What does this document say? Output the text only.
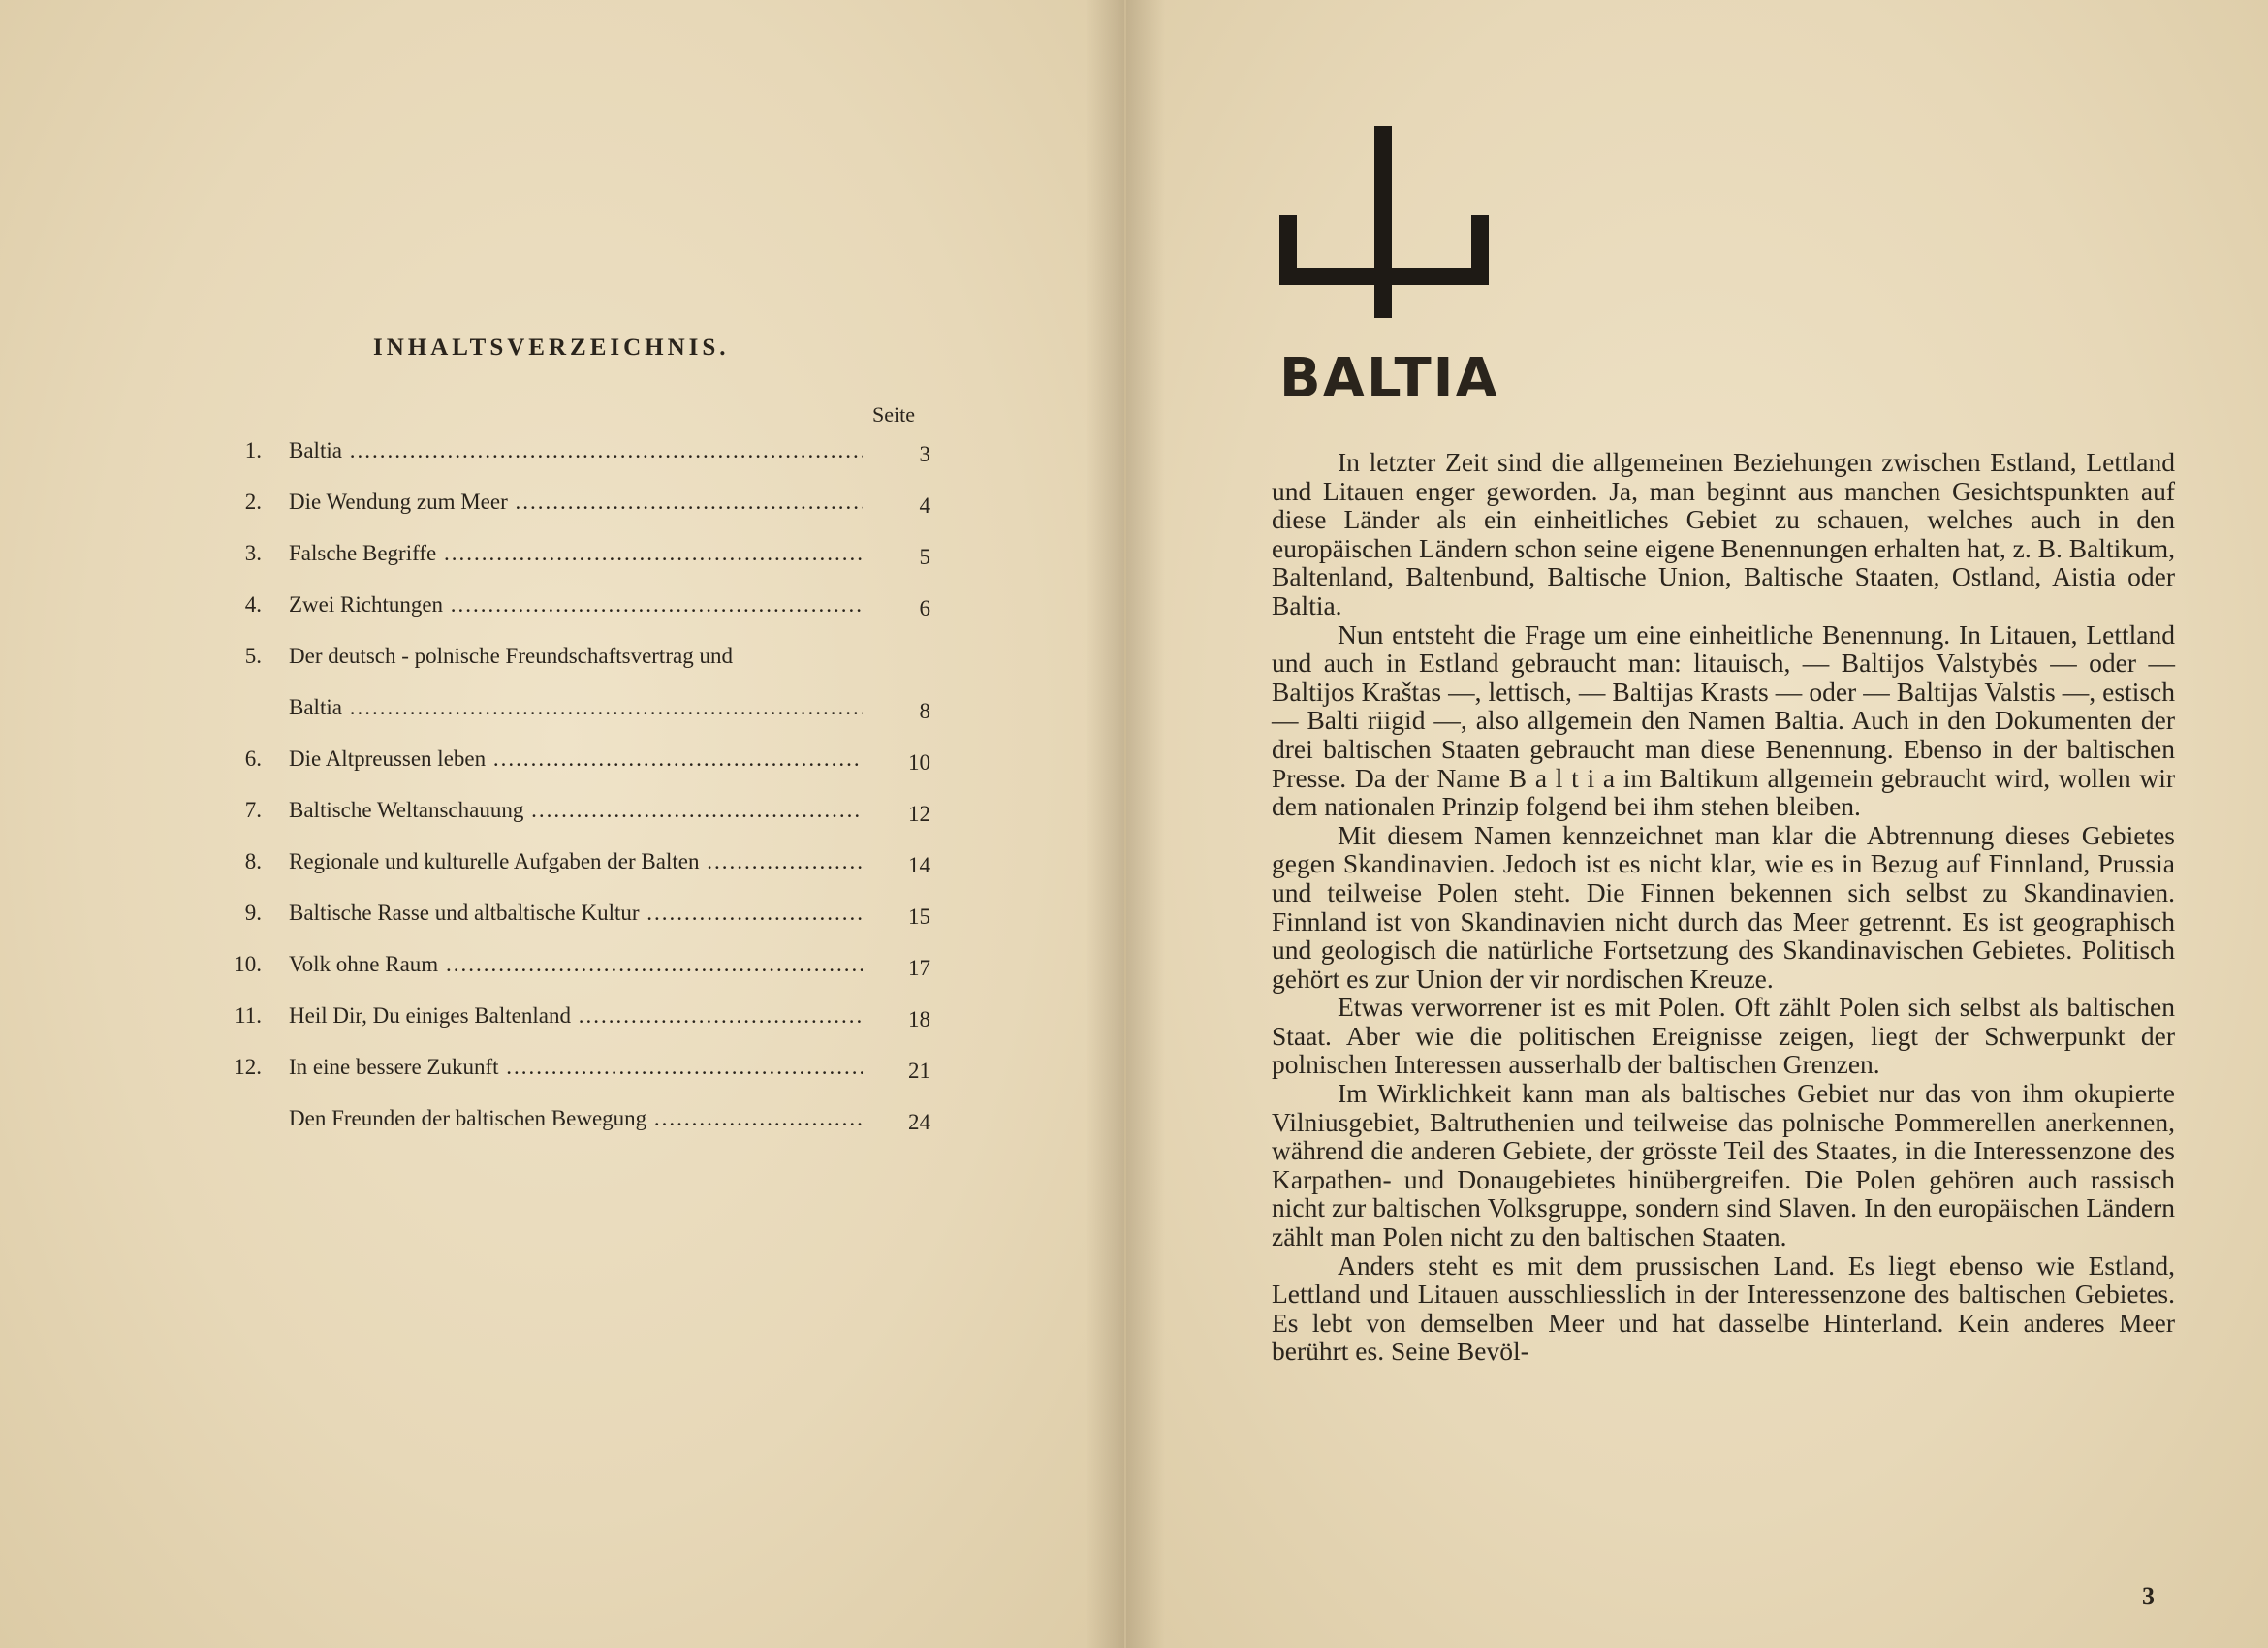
INHALTSVERZEICHNIS.
Seite
1. Baltia .....	3
2. Die Wendung zum Meer .....	4
3. Falsche Begriffe .....	5
4. Zwei Richtungen .....	6
5. Der deutsch - polnische Freundschaftsvertrag und
Baltia .....	8
6. Die Altpreussen leben .....	10
7. Baltische Weltanschauung .....	12
8. Regionale und kulturelle Aufgaben der Balten .....	14
9. Baltische Rasse und altbaltische Kultur .....	15
10. Volk ohne Raum .....	17
11. Heil Dir, Du einiges Baltenland .....	18
12. In eine bessere Zukunft .....	21
Den Freunden der baltischen Bewegung .....	24
BALTIA

In letzter Zeit sind die allgemeinen Beziehungen zwischen Estland, Lettland und Litauen enger geworden. Ja, man beginnt aus manchen Gesichtspunkten auf diese Länder als ein einheitliches Gebiet zu schauen, welches auch in den europäischen Ländern schon seine eigene Benennungen erhalten hat, z. B. Baltikum, Baltenland, Baltenbund, Baltische Union, Baltische Staaten, Ostland, Aistia oder Baltia.

Nun entsteht die Frage um eine einheitliche Benennung. In Litauen, Lettland und auch in Estland gebraucht man: litauisch, — Baltijos Valstybės — oder — Baltijos Kraštas —, lettisch, — Baltijas Krasts — oder — Baltijas Valstis —, estisch — Balti riigid —, also allgemein den Namen Baltia. Auch in den Dokumenten der drei baltischen Staaten gebraucht man diese Benennung. Ebenso in der baltischen Presse. Da der Name B a l t i a im Baltikum allgemein gebraucht wird, wollen wir dem nationalen Prinzip folgend bei ihm stehen bleiben.

Mit diesem Namen kennzeichnet man klar die Abtrennung dieses Gebietes gegen Skandinavien. Jedoch ist es nicht klar, wie es in Bezug auf Finnland, Prussia und teilweise Polen steht. Die Finnen bekennen sich selbst zu Skandinavien. Finnland ist von Skandinavien nicht durch das Meer getrennt. Es ist geographisch und geologisch die natürliche Fortsetzung des Skandinavischen Gebietes. Politisch gehört es zur Union der vir nordischen Kreuze.

Etwas verworrener ist es mit Polen. Oft zählt Polen sich selbst als baltischen Staat. Aber wie die politischen Ereignisse zeigen, liegt der Schwerpunkt der polnischen Interessen ausserhalb der baltischen Grenzen.

Im Wirklichkeit kann man als baltisches Gebiet nur das von ihm okupierte Vilniusgebiet, Baltruthenien und teilweise das polnische Pommerellen anerkennen, während die anderen Gebiete, der grösste Teil des Staates, in die Interessenzone des Karpathen- und Donaugebietes hinübergreifen. Die Polen gehören auch rassisch nicht zur baltischen Volksgruppe, sondern sind Slaven. In den europäischen Ländern zählt man Polen nicht zu den baltischen Staaten.

Anders steht es mit dem prussischen Land. Es liegt ebenso wie Estland, Lettland und Litauen ausschliesslich in der Interessenzone des baltischen Gebietes. Es lebt von demselben Meer und hat dasselbe Hinterland. Kein anderes Meer berührt es. Seine Bevöl-

3
